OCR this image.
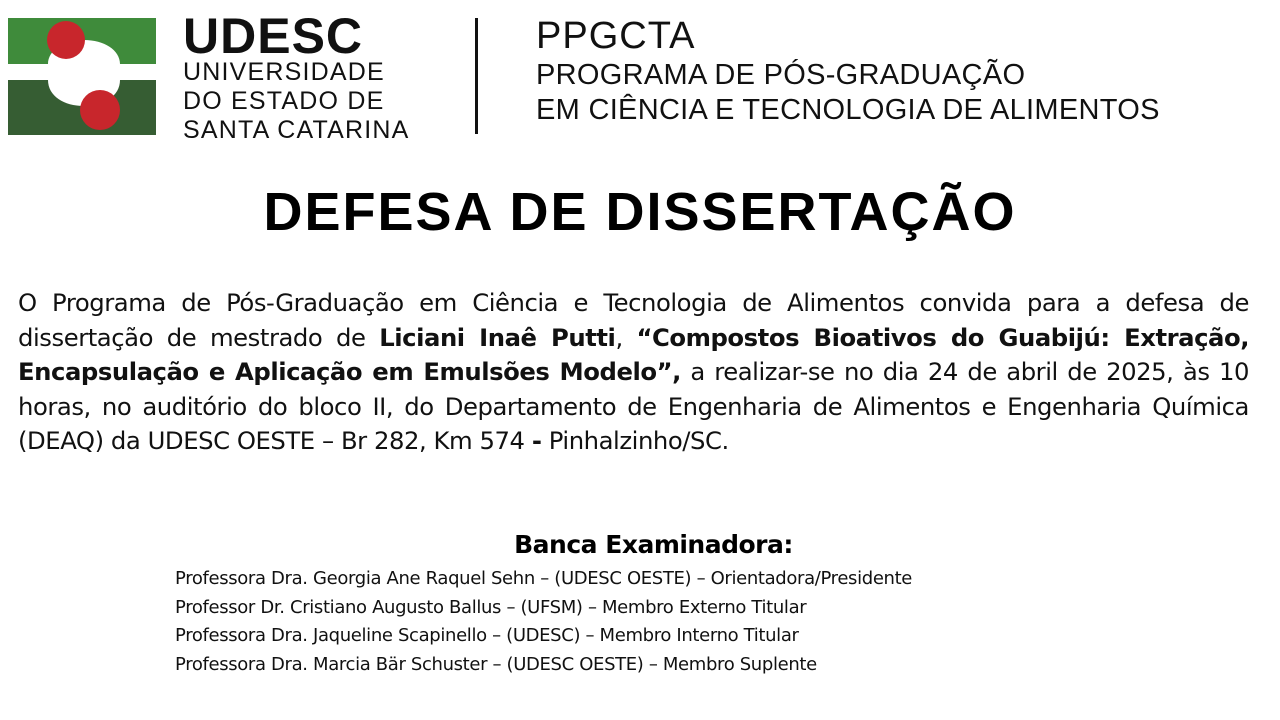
UDESC
UNIVERSIDADE
DO ESTADO DE
SANTA CATARINA
PPGCTA
PROGRAMA DE PÓS-GRADUAÇÃO
EM CIÊNCIA E TECNOLOGIA DE ALIMENTOS
DEFESA DE DISSERTAÇÃO
O Programa de Pós-Graduação em Ciência e Tecnologia de Alimentos convida para a defesa de dissertação de mestrado de Liciani Inaê Putti, “Compostos Bioativos do Guabijú: Extração, Encapsulação e Aplicação em Emulsões Modelo”, a realizar-se no dia 24 de abril de 2025, às 10 horas, no auditório do bloco II, do Departamento de Engenharia de Alimentos e Engenharia Química (DEAQ) da UDESC OESTE – Br 282, Km 574 - Pinhalzinho/SC.
Banca Examinadora:
Professora Dra. Georgia Ane Raquel Sehn – (UDESC OESTE) – Orientadora/Presidente
Professor Dr. Cristiano Augusto Ballus – (UFSM) – Membro Externo Titular
Professora Dra. Jaqueline Scapinello – (UDESC) – Membro Interno Titular
Professora Dra. Marcia Bär Schuster – (UDESC OESTE) – Membro Suplente
